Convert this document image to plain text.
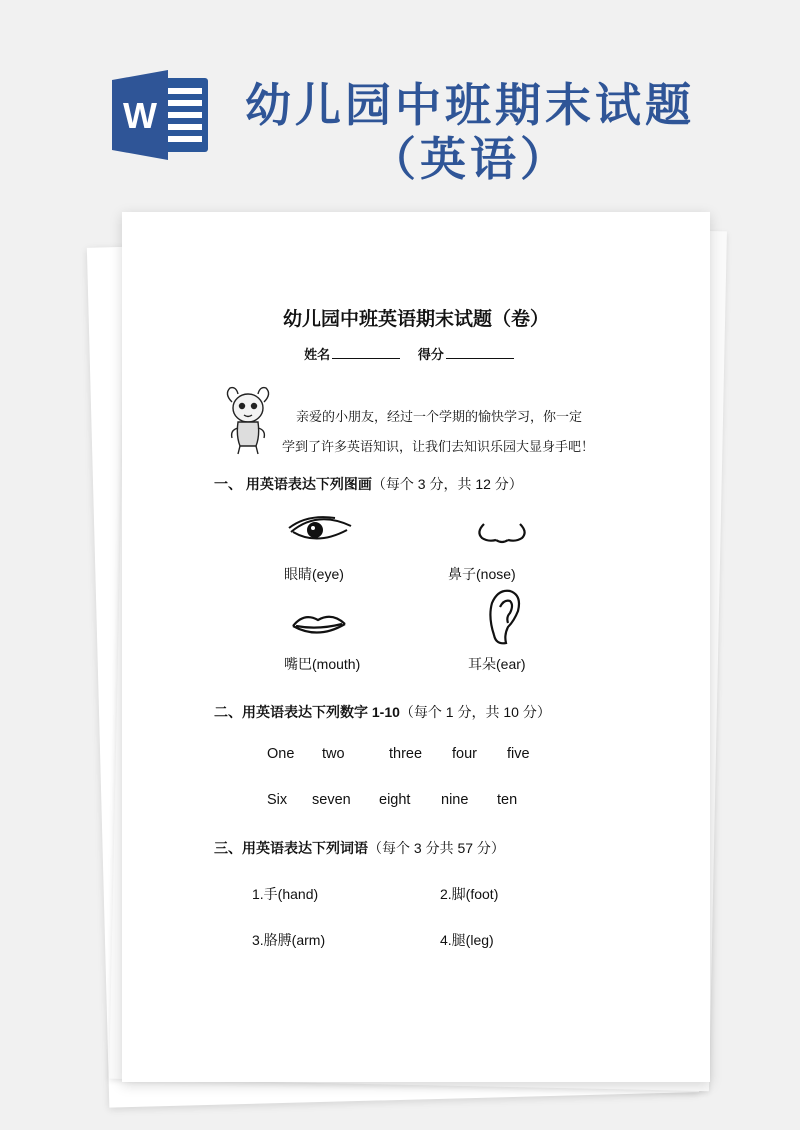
W	幼儿园中班期末试题
（英语）
幼儿园中班英语期末试题（卷）
姓名	得分
亲爱的小朋友，经过一个学期的愉快学习，你一定
学到了许多英语知识，让我们去知识乐园大显身手吧！
一、 用英语表达下列图画（每个 3 分，共 12 分）
眼睛(eye)	鼻子(nose)
嘴巴(mouth)	耳朵(ear)
二、用英语表达下列数字 1-10（每个 1 分，共 10 分）
One two	three four five
Six seven eight nine ten
三、用英语表达下列词语（每个 3 分共 57 分）
1.手(hand)	2.脚(foot)
3.胳膊(arm)	4.腿(leg)
